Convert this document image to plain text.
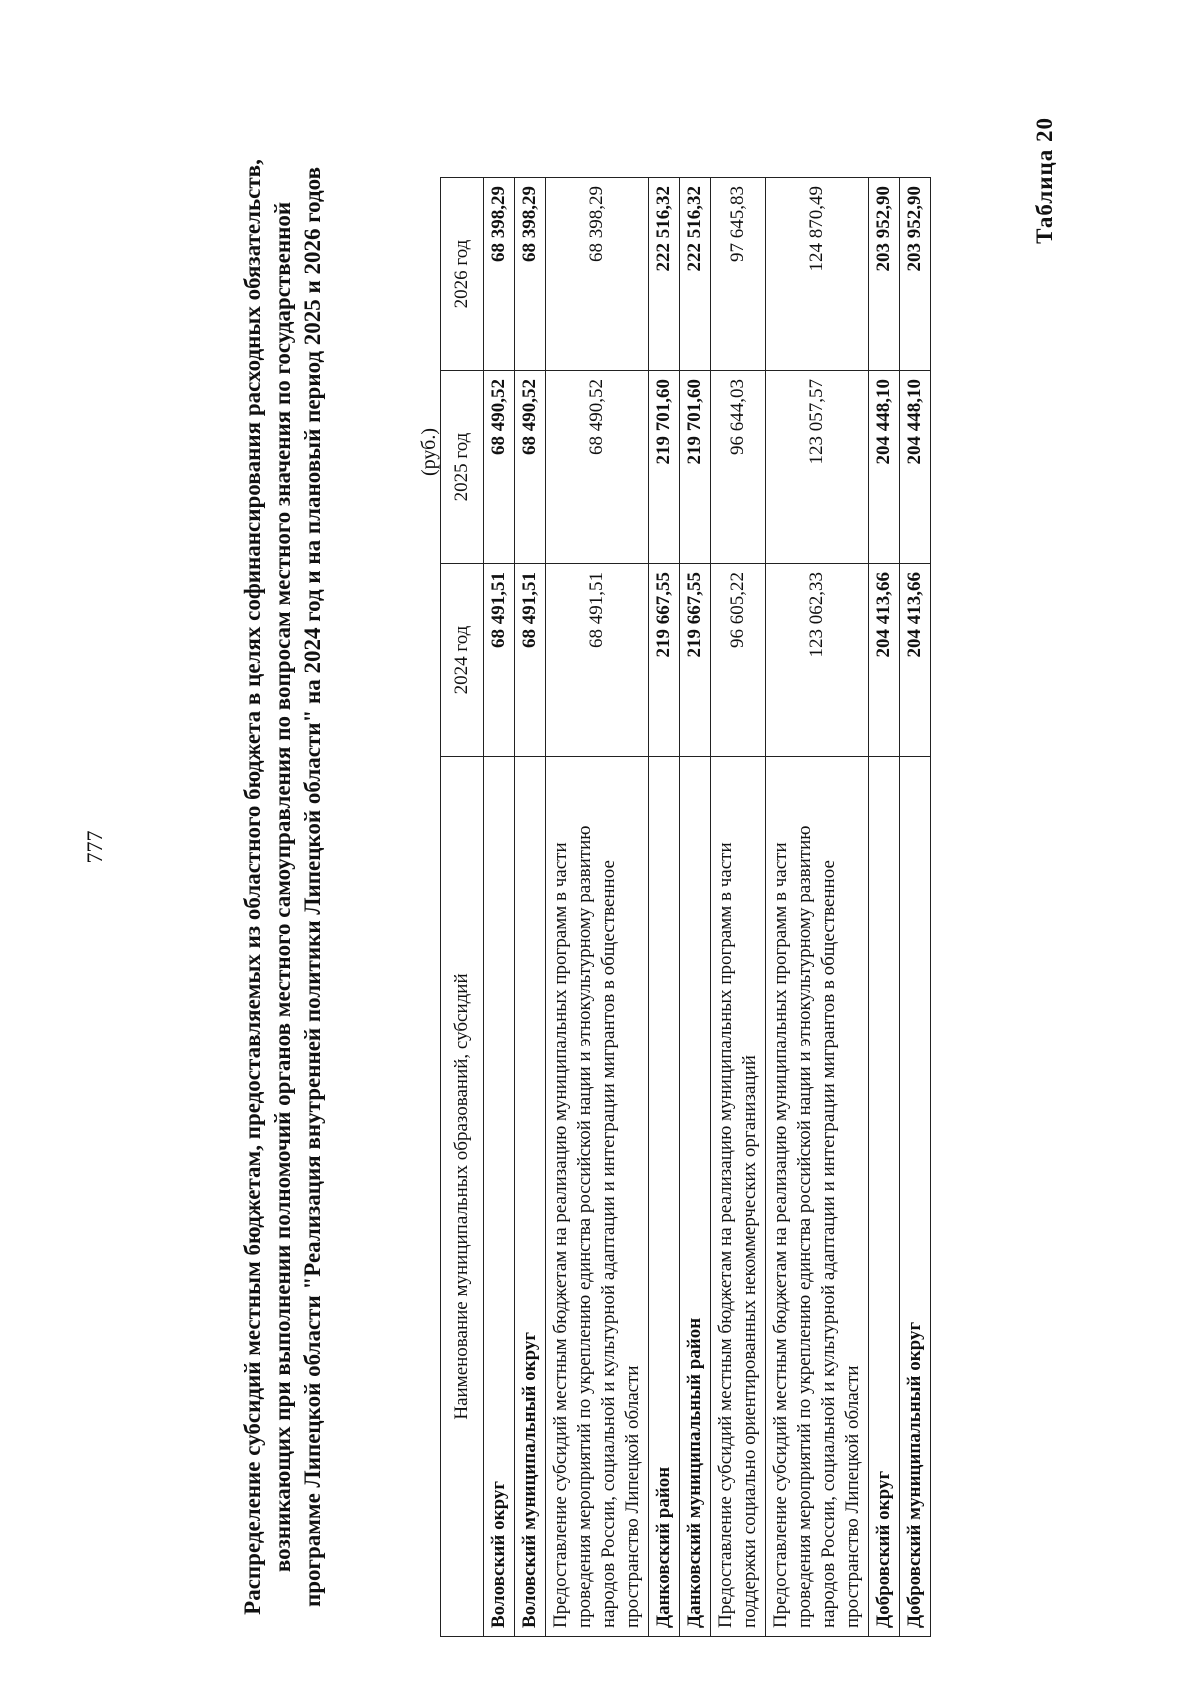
777
Таблица 20
Распределение субсидий местным бюджетам, предоставляемых из областного бюджета в целях софинансирования расходных обязательств, возникающих при выполнении полномочий органов местного самоуправления по вопросам местного значения по государственной программе Липецкой области "Реализация внутренней политики Липецкой области" на 2024 год и на плановый период 2025 и 2026 годов	(руб.)
Наименование муниципальных образований, субсидий	2024 год	2025 год	2026 год
Воловский округ	68 491,51	68 490,52	68 398,29
Воловский муниципальный округ	68 491,51	68 490,52	68 398,29
Предоставление субсидий местным бюджетам на реализацию муниципальных программ в части проведения мероприятий по укреплению единства российской нации и этнокультурному развитию народов России, социальной и культурной адаптации и интеграции мигрантов в общественное пространство Липецкой области	68 491,51	68 490,52	68 398,29
Данковский район	219 667,55	219 701,60	222 516,32
Данковский муниципальный район	219 667,55	219 701,60	222 516,32
Предоставление субсидий местным бюджетам на реализацию муниципальных программ в части поддержки социально ориентированных некоммерческих организаций	96 605,22	96 644,03	97 645,83
Предоставление субсидий местным бюджетам на реализацию муниципальных программ в части проведения мероприятий по укреплению единства российской нации и этнокультурному развитию народов России, социальной и культурной адаптации и интеграции мигрантов в общественное пространство Липецкой области	123 062,33	123 057,57	124 870,49
Добровский округ	204 413,66	204 448,10	203 952,90
Добровский муниципальный округ	204 413,66	204 448,10	203 952,90
